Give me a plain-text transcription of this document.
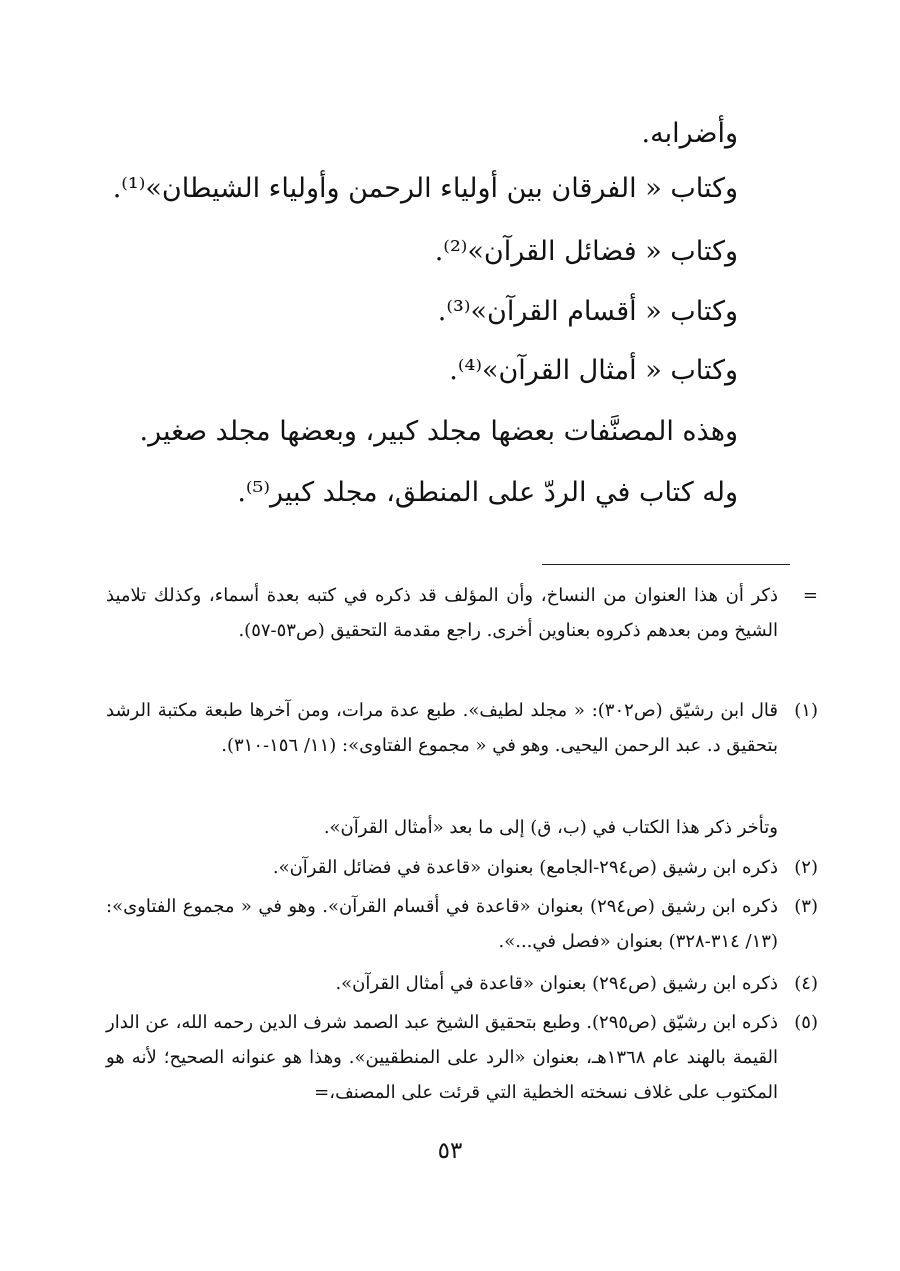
وأضرابه.
وكتاب « الفرقان بين أولياء الرحمن وأولياء الشيطان»⁽¹⁾.
وكتاب « فضائل القرآن»⁽²⁾.
وكتاب « أقسام القرآن»⁽³⁾.
وكتاب « أمثال القرآن»⁽⁴⁾.
وهذه المصنَّفات بعضها مجلد كبير، وبعضها مجلد صغير.
وله كتاب في الردّ على المنطق، مجلد كبير⁽⁵⁾.
=
ذكر أن هذا العنوان من النساخ، وأن المؤلف قد ذكره في كتبه بعدة أسماء، وكذلك تلاميذ الشيخ ومن بعدهم ذكروه بعناوين أخرى. راجع مقدمة التحقيق (ص٥٣-٥٧).
(١)
قال ابن رشيّق (ص٣٠٢): « مجلد لطيف». طبع عدة مرات، ومن آخرها طبعة مكتبة الرشد بتحقيق د. عبد الرحمن اليحيى. وهو في « مجموع الفتاوى»: (١١/ ١٥٦-٣١٠).
وتأخر ذكر هذا الكتاب في (ب، ق) إلى ما بعد «أمثال القرآن».
(٢)
ذكره ابن رشيق (ص٢٩٤-الجامع) بعنوان «قاعدة في فضائل القرآن».
(٣)
ذكره ابن رشيق (ص٢٩٤) بعنوان «قاعدة في أقسام القرآن». وهو في « مجموع الفتاوى»: (١٣/ ٣١٤-٣٢٨) بعنوان «فصل في...».
(٤)
ذكره ابن رشيق (ص٢٩٤) بعنوان «قاعدة في أمثال القرآن».
(٥)
ذكره ابن رشيّق (ص٢٩٥). وطبع بتحقيق الشيخ عبد الصمد شرف الدين رحمه الله، عن الدار القيمة بالهند عام ١٣٦٨هـ، بعنوان «الرد على المنطقيين». وهذا هو عنوانه الصحيح؛ لأنه هو المكتوب على غلاف نسخته الخطية التي قرئت على المصنف،=
٥٣
